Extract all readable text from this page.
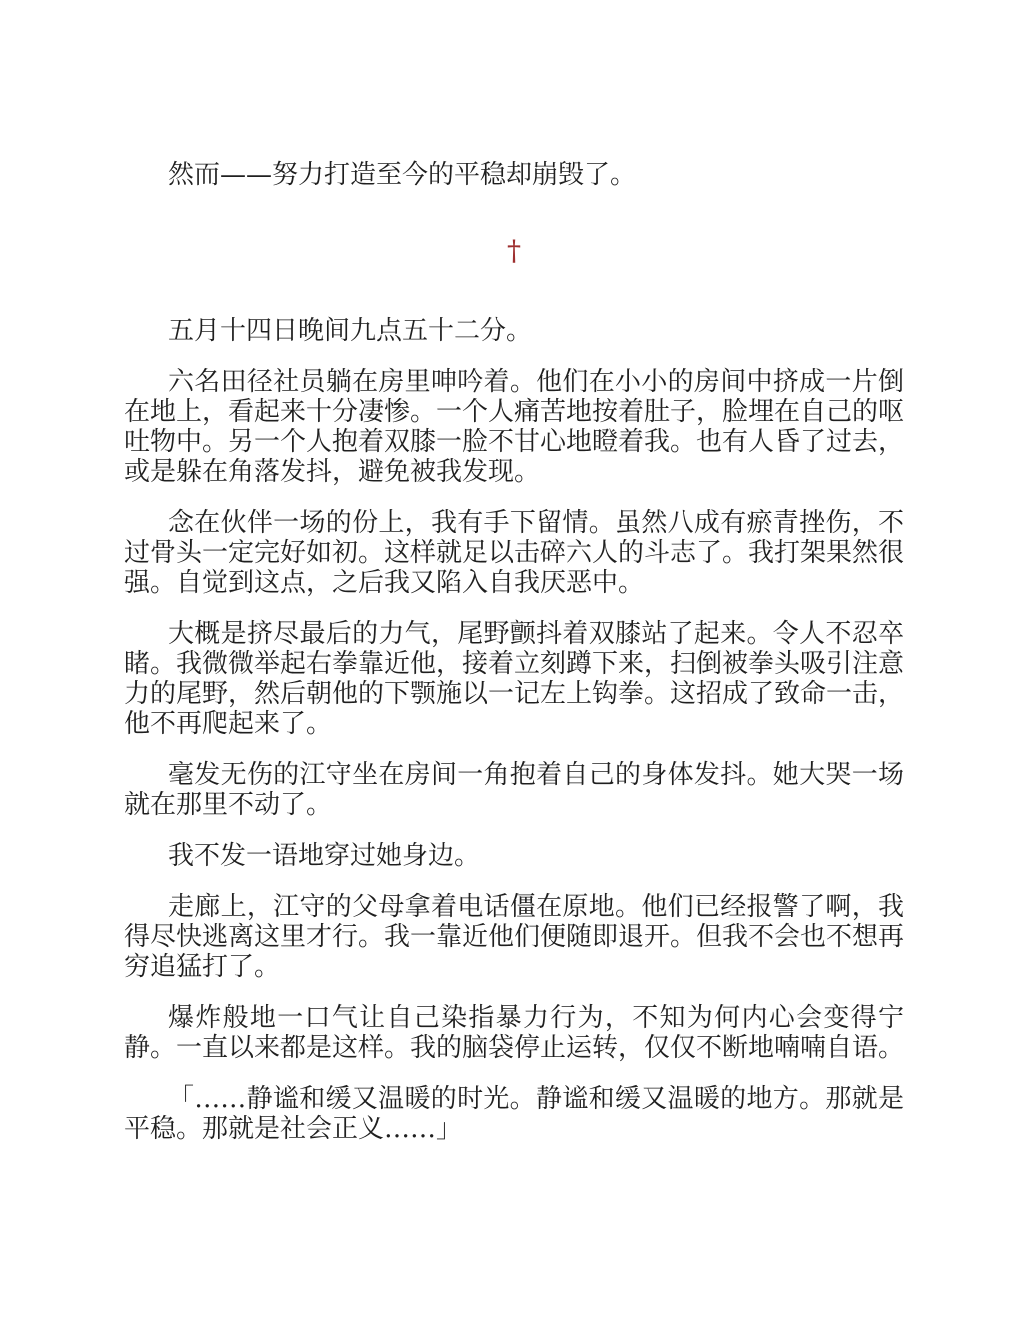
然而——努力打造至今的平稳却崩毁了。

†

五月十四日晚间九点五十二分。

六名田径社员躺在房里呻吟着。他们在小小的房间中挤成一片倒在地上，看起来十分凄惨。一个人痛苦地按着肚子，脸埋在自己的呕吐物中。另一个人抱着双膝一脸不甘心地瞪着我。也有人昏了过去，或是躲在角落发抖，避免被我发现。

念在伙伴一场的份上，我有手下留情。虽然八成有瘀青挫伤，不过骨头一定完好如初。这样就足以击碎六人的斗志了。我打架果然很强。自觉到这点，之后我又陷入自我厌恶中。

大概是挤尽最后的力气，尾野颤抖着双膝站了起来。令人不忍卒睹。我微微举起右拳靠近他，接着立刻蹲下来，扫倒被拳头吸引注意力的尾野，然后朝他的下颚施以一记左上钩拳。这招成了致命一击，他不再爬起来了。

毫发无伤的江守坐在房间一角抱着自己的身体发抖。她大哭一场就在那里不动了。

我不发一语地穿过她身边。

走廊上，江守的父母拿着电话僵在原地。他们已经报警了啊，我得尽快逃离这里才行。我一靠近他们便随即退开。但我不会也不想再穷追猛打了。

爆炸般地一口气让自己染指暴力行为，不知为何内心会变得宁静。一直以来都是这样。我的脑袋停止运转，仅仅不断地喃喃自语。

「……静谧和缓又温暖的时光。静谧和缓又温暖的地方。那就是平稳。那就是社会正义……」
